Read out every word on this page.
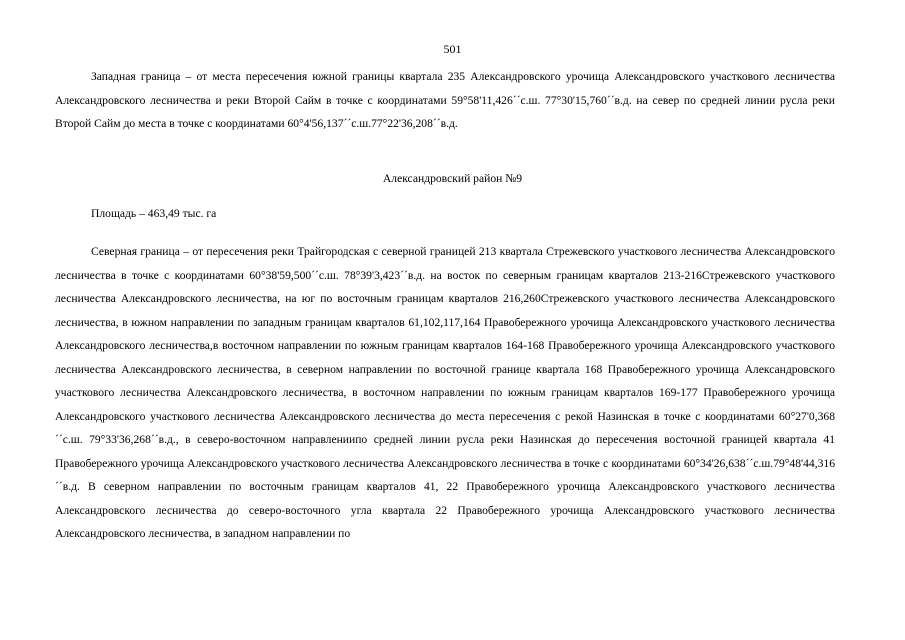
501

Западная граница – от места пересечения южной границы квартала 235 Александровского урочища Александровского участкового лесничества Александровского лесничества и реки Второй Сайм в точке с координатами 59°58'11,426´´с.ш. 77°30'15,760´´в.д. на север по средней линии русла реки Второй Сайм до места в точке с координатами 60°4'56,137´´с.ш.77°22'36,208´´в.д.

Александровский район №9
Площадь – 463,49 тыс. га

Северная граница – от пересечения реки Трайгородская с северной границей 213 квартала Стрежевского участкового лесничества Александровского лесничества в точке с координатами 60°38'59,500´´с.ш. 78°39'3,423´´в.д. на восток по северным границам кварталов 213-216Стрежевского участкового лесничества Александровского лесничества, на юг по восточным границам кварталов 216,260Стрежевского участкового лесничества Александровского лесничества, в южном направлении по западным границам кварталов 61,102,117,164 Правобережного урочища Александровского участкового лесничества Александровского лесничества,в восточном направлении по южным границам кварталов 164-168 Правобережного урочища Александровского участкового лесничества Александровского лесничества, в северном направлении по восточной границе квартала 168 Правобережного урочища Александровского участкового лесничества Александровского лесничества, в восточном направлении по южным границам кварталов 169-177 Правобережного урочища Александровского участкового лесничества Александровского лесничества до места пересечения с рекой Назинская в точке с координатами 60°27'0,368´´с.ш. 79°33'36,268´´в.д., в северо-восточном направлениипо средней линии русла реки Назинская до пересечения восточной границей квартала 41 Правобережного урочища Александровского участкового лесничества Александровского лесничества в точке с координатами 60°34'26,638´´с.ш.79°48'44,316´´в.д. В северном направлении по восточным границам кварталов 41, 22 Правобережного урочища Александровского участкового лесничества Александровского лесничества до северо-восточного угла квартала 22 Правобережного урочища Александровского участкового лесничества Александровского лесничества, в западном направлении по
